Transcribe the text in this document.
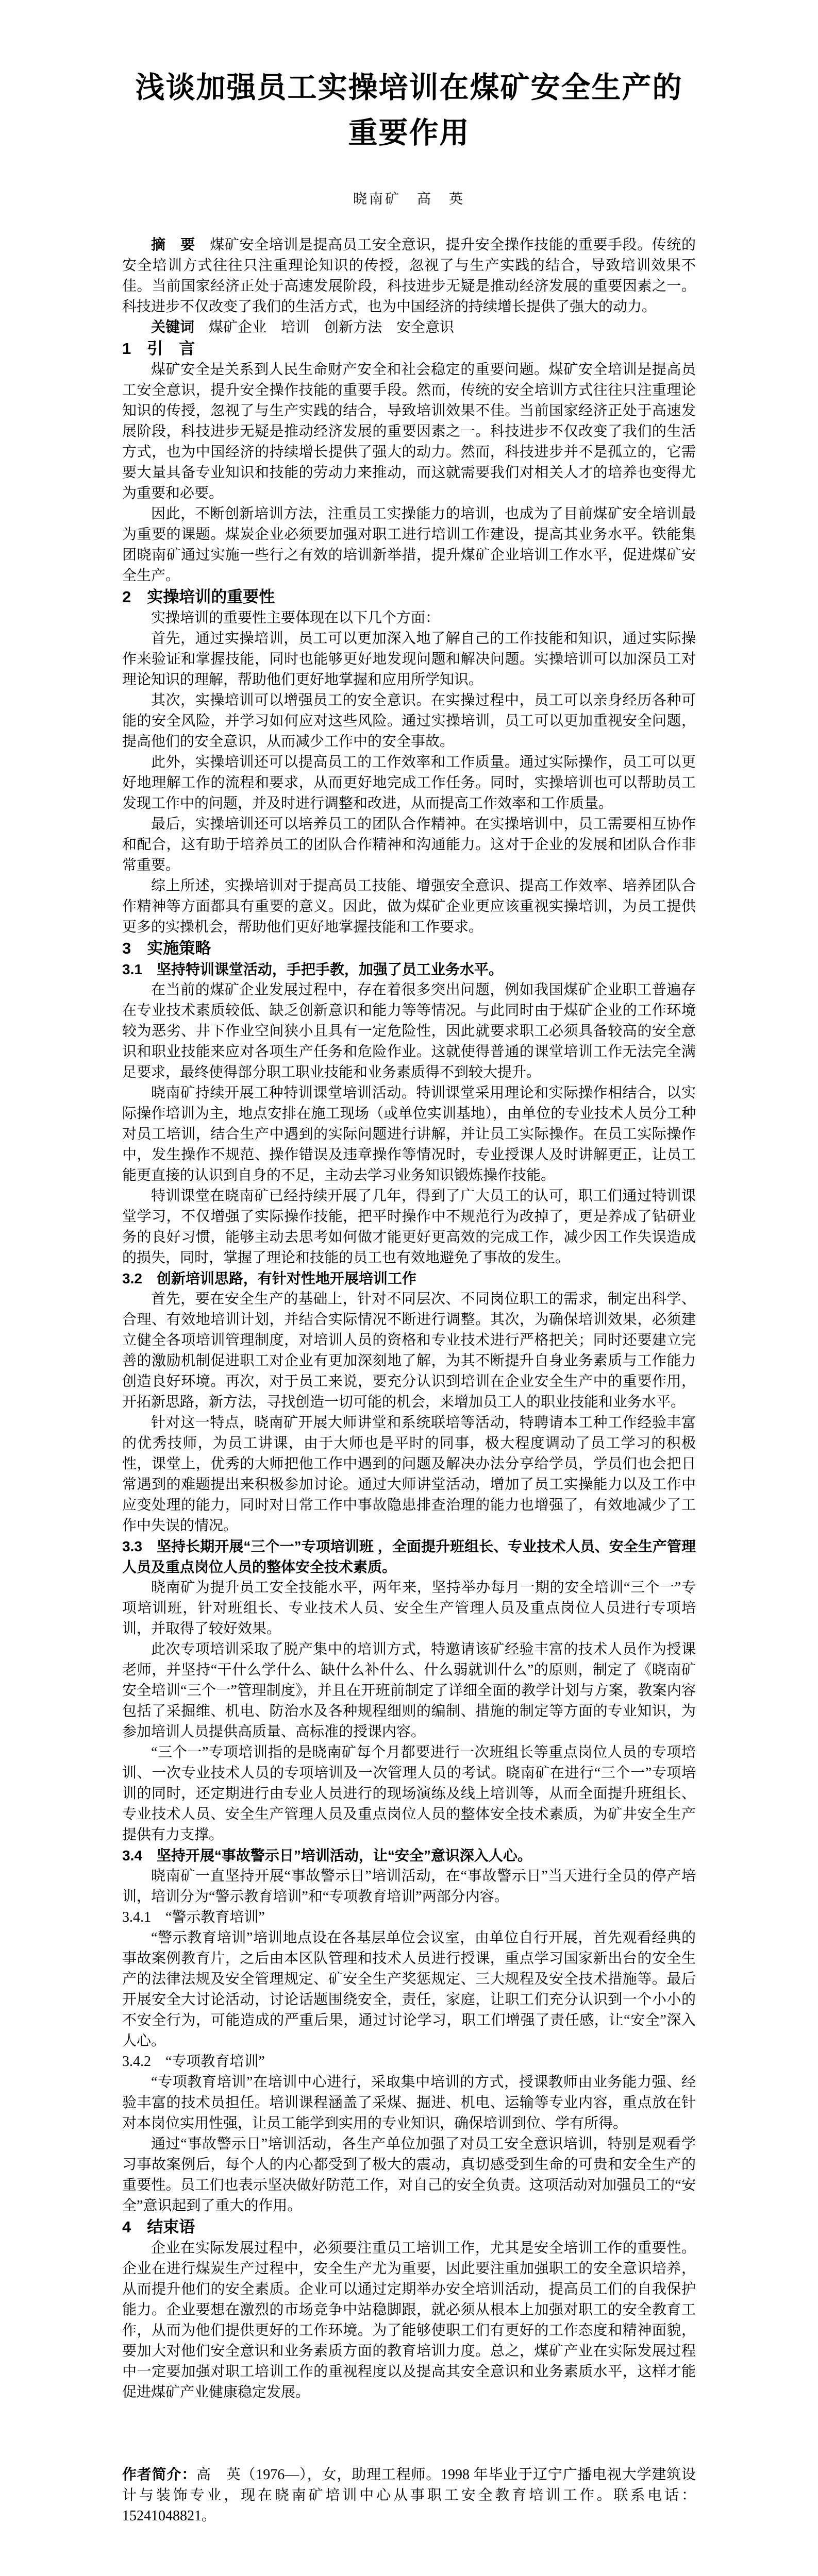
浅谈加强员工实操培训在煤矿安全生产的
重要作用
晓南矿　高　英

摘　要 煤矿安全培训是提高员工安全意识，提升安全操作技能的重要手段。传统的安全培训方式往往只注重理论知识的传授，忽视了与生产实践的结合，导致培训效果不佳。当前国家经济正处于高速发展阶段，科技进步无疑是推动经济发展的重要因素之一。科技进步不仅改变了我们的生活方式，也为中国经济的持续增长提供了强大的动力。

关键词 煤矿企业　培训　创新方法　安全意识

1　引　言

煤矿安全是关系到人民生命财产安全和社会稳定的重要问题。煤矿安全培训是提高员工安全意识，提升安全操作技能的重要手段。然而，传统的安全培训方式往往只注重理论知识的传授，忽视了与生产实践的结合，导致培训效果不佳。当前国家经济正处于高速发展阶段，科技进步无疑是推动经济发展的重要因素之一。科技进步不仅改变了我们的生活方式，也为中国经济的持续增长提供了强大的动力。然而，科技进步并不是孤立的，它需要大量具备专业知识和技能的劳动力来推动，而这就需要我们对相关人才的培养也变得尤为重要和必要。

因此，不断创新培训方法，注重员工实操能力的培训，也成为了目前煤矿安全培训最为重要的课题。煤炭企业必须要加强对职工进行培训工作建设，提高其业务水平。铁能集团晓南矿通过实施一些行之有效的培训新举措，提升煤矿企业培训工作水平，促进煤矿安全生产。

2　实操培训的重要性

实操培训的重要性主要体现在以下几个方面：

首先，通过实操培训，员工可以更加深入地了解自己的工作技能和知识，通过实际操作来验证和掌握技能，同时也能够更好地发现问题和解决问题。实操培训可以加深员工对理论知识的理解，帮助他们更好地掌握和应用所学知识。

其次，实操培训可以增强员工的安全意识。在实操过程中，员工可以亲身经历各种可能的安全风险，并学习如何应对这些风险。通过实操培训，员工可以更加重视安全问题，提高他们的安全意识，从而减少工作中的安全事故。

此外，实操培训还可以提高员工的工作效率和工作质量。通过实际操作，员工可以更好地理解工作的流程和要求，从而更好地完成工作任务。同时，实操培训也可以帮助员工发现工作中的问题，并及时进行调整和改进，从而提高工作效率和工作质量。

最后，实操培训还可以培养员工的团队合作精神。在实操培训中，员工需要相互协作和配合，这有助于培养员工的团队合作精神和沟通能力。这对于企业的发展和团队合作非常重要。

综上所述，实操培训对于提高员工技能、增强安全意识、提高工作效率、培养团队合作精神等方面都具有重要的意义。因此，做为煤矿企业更应该重视实操培训，为员工提供更多的实操机会，帮助他们更好地掌握技能和工作要求。

3　实施策略
3.1　坚持特训课堂活动，手把手教，加强了员工业务水平。

在当前的煤矿企业发展过程中，存在着很多突出问题，例如我国煤矿企业职工普遍存在专业技术素质较低、缺乏创新意识和能力等等情况。与此同时由于煤矿企业的工作环境较为恶劣、井下作业空间狭小且具有一定危险性，因此就要求职工必须具备较高的安全意识和职业技能来应对各项生产任务和危险作业。这就使得普通的课堂培训工作无法完全满足要求，最终使得部分职工职业技能和业务素质得不到较大提升。

晓南矿持续开展工种特训课堂培训活动。特训课堂采用理论和实际操作相结合，以实际操作培训为主，地点安排在施工现场（或单位实训基地），由单位的专业技术人员分工种对员工培训，结合生产中遇到的实际问题进行讲解，并让员工实际操作。在员工实际操作中，发生操作不规范、操作错误及违章操作等情况时，专业授课人及时讲解更正，让员工能更直接的认识到自身的不足，主动去学习业务知识锻炼操作技能。

特训课堂在晓南矿已经持续开展了几年，得到了广大员工的认可，职工们通过特训课堂学习，不仅增强了实际操作技能，把平时操作中不规范行为改掉了，更是养成了钻研业务的良好习惯，能够主动去思考如何做才能更好更高效的完成工作，减少因工作失误造成的损失，同时，掌握了理论和技能的员工也有效地避免了事故的发生。

3.2　创新培训思路，有针对性地开展培训工作

首先，要在安全生产的基础上，针对不同层次、不同岗位职工的需求，制定出科学、合理、有效地培训计划，并结合实际情况不断进行调整。其次，为确保培训效果，必须建立健全各项培训管理制度，对培训人员的资格和专业技术进行严格把关；同时还要建立完善的激励机制促进职工对企业有更加深刻地了解，为其不断提升自身业务素质与工作能力创造良好环境。再次，对于员工来说，要充分认识到培训在企业安全生产中的重要作用，开拓新思路，新方法，寻找创造一切可能的机会，来增加员工人的职业技能和业务水平。

针对这一特点，晓南矿开展大师讲堂和系统联培等活动，特聘请本工种工作经验丰富的优秀技师，为员工讲课，由于大师也是平时的同事，极大程度调动了员工学习的积极性，课堂上，优秀的大师把他工作中遇到的问题及解决办法分享给学员，学员们也会把日常遇到的难题提出来积极参加讨论。通过大师讲堂活动，增加了员工实操能力以及工作中应变处理的能力，同时对日常工作中事故隐患排查治理的能力也增强了，有效地减少了工作中失误的情况。

3.3　坚持长期开展“三个一”专项培训班 ，全面提升班组长、专业技术人员、安全生产管理人员及重点岗位人员的整体安全技术素质。

晓南矿为提升员工安全技能水平，两年来，坚持举办每月一期的安全培训“三个一”专项培训班，针对班组长、专业技术人员、安全生产管理人员及重点岗位人员进行专项培训，并取得了较好效果。

此次专项培训采取了脱产集中的培训方式，特邀请该矿经验丰富的技术人员作为授课老师，并坚持“干什么学什么、缺什么补什么、什么弱就训什么”的原则，制定了《晓南矿安全培训“三个一”管理制度》，并且在开班前制定了详细全面的教学计划与方案，教案内容包括了采掘维、机电、防治水及各种规程细则的编制、措施的制定等方面的专业知识，为参加培训人员提供高质量、高标准的授课内容。

“三个一”专项培训指的是晓南矿每个月都要进行一次班组长等重点岗位人员的专项培训、一次专业技术人员的专项培训及一次管理人员的考试。晓南矿在进行“三个一”专项培训的同时，还定期进行由专业人员进行的现场演练及线上培训等，从而全面提升班组长、专业技术人员、安全生产管理人员及重点岗位人员的整体安全技术素质，为矿井安全生产提供有力支撑。

3.4　坚持开展“事故警示日”培训活动，让“安全”意识深入人心。

晓南矿一直坚持开展“事故警示日”培训活动，在“事故警示日”当天进行全员的停产培训，培训分为“警示教育培训”和“专项教育培训”两部分内容。

3.4.1　“警示教育培训”

“警示教育培训”培训地点设在各基层单位会议室，由单位自行开展，首先观看经典的事故案例教育片，之后由本区队管理和技术人员进行授课，重点学习国家新出台的安全生产的法律法规及安全管理规定、矿安全生产奖惩规定、三大规程及安全技术措施等。最后开展安全大讨论活动，讨论话题围绕安全，责任，家庭，让职工们充分认识到一个小小的不安全行为，可能造成的严重后果，通过讨论学习，职工们增强了责任感，让“安全”深入人心。

3.4.2　“专项教育培训”

“专项教育培训”在培训中心进行，采取集中培训的方式，授课教师由业务能力强、经验丰富的技术员担任。培训课程涵盖了采煤、掘进、机电、运输等专业内容，重点放在针对本岗位实用性强，让员工能学到实用的专业知识，确保培训到位、学有所得。

通过“事故警示日”培训活动，各生产单位加强了对员工安全意识培训，特别是观看学习事故案例后，每个人的内心都受到了极大的震动，真切感受到生命的可贵和安全生产的重要性。员工们也表示坚决做好防范工作，对自己的安全负责。这项活动对加强员工的“安全”意识起到了重大的作用。

4　结束语

企业在实际发展过程中，必须要注重员工培训工作，尤其是安全培训工作的重要性。企业在进行煤炭生产过程中，安全生产尤为重要，因此要注重加强职工的安全意识培养，从而提升他们的安全素质。企业可以通过定期举办安全培训活动，提高员工们的自我保护能力。企业要想在激烈的市场竞争中站稳脚跟，就必须从根本上加强对职工的安全教育工作，从而为他们提供更好的工作环境。为了能够使职工们有更好的工作态度和精神面貌，要加大对他们安全意识和业务素质方面的教育培训力度。总之，煤矿产业在实际发展过程中一定要加强对职工培训工作的重视程度以及提高其安全意识和业务素质水平，这样才能促进煤矿产业健康稳定发展。

作者简介：高　英（1976—），女，助理工程师。1998 年毕业于辽宁广播电视大学建筑设计与装饰专业，现在晓南矿培训中心从事职工安全教育培训工作。联系电话：15241048821。
